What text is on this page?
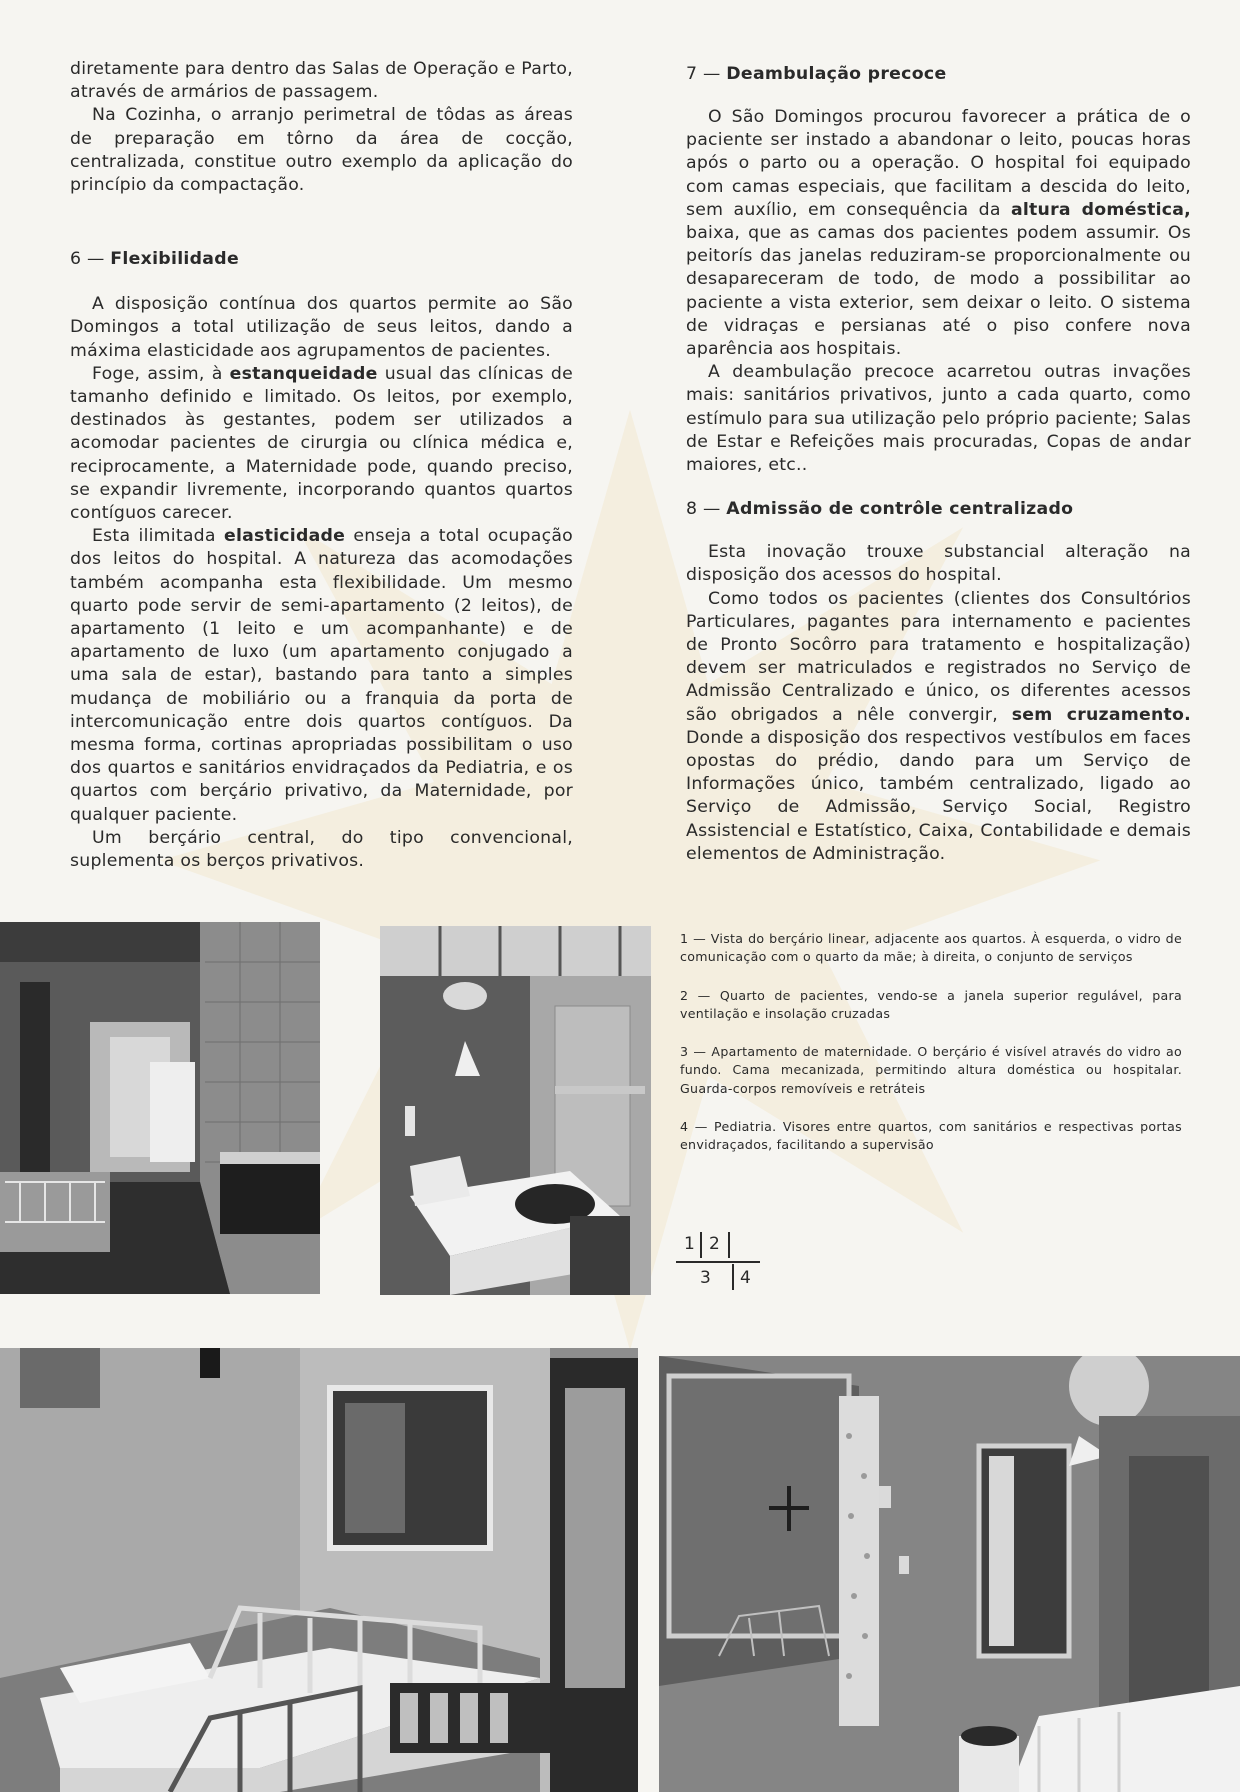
diretamente para dentro das Salas de Operação e Parto, através de armários de passagem.

Na Cozinha, o arranjo perimetral de tôdas as áreas de preparação em tôrno da área de cocção, centralizada, constitue outro exemplo da aplicação do princípio da compactação.

6 — Flexibilidade

A disposição contínua dos quartos permite ao São Domingos a total utilização de seus leitos, dando a máxima elasticidade aos agrupamentos de pacientes.

Foge, assim, à estanqueidade usual das clínicas de tamanho definido e limitado. Os leitos, por exemplo, destinados às gestantes, podem ser utilizados a acomodar pacientes de cirurgia ou clínica médica e, reciprocamente, a Maternidade pode, quando preciso, se expandir livremente, incorporando quantos quartos contíguos carecer.

Esta ilimitada elasticidade enseja a total ocupação dos leitos do hospital. A natureza das acomodações também acompanha esta flexibilidade. Um mesmo quarto pode servir de semi-apartamento (2 leitos), de apartamento (1 leito e um acompanhante) e de apartamento de luxo (um apartamento conjugado a uma sala de estar), bastando para tanto a simples mudança de mobiliário ou a franquia da porta de intercomunicação entre dois quartos contíguos. Da mesma forma, cortinas apropriadas possibilitam o uso dos quartos e sanitários envidraçados da Pediatria, e os quartos com berçário privativo, da Maternidade, por qualquer paciente.

Um berçário central, do tipo convencional, suplementa os berços privativos.

7 — Deambulação precoce

O São Domingos procurou favorecer a prática de o paciente ser instado a abandonar o leito, poucas horas após o parto ou a operação. O hospital foi equipado com camas especiais, que facilitam a descida do leito, sem auxílio, em consequência da altura doméstica, baixa, que as camas dos pacientes podem assumir. Os peitorís das janelas reduziram-se proporcionalmente ou desapareceram de todo, de modo a possibilitar ao paciente a vista exterior, sem deixar o leito. O sistema de vidraças e persianas até o piso confere nova aparência aos hospitais.

A deambulação precoce acarretou outras invações mais: sanitários privativos, junto a cada quarto, como estímulo para sua utilização pelo próprio paciente; Salas de Estar e Refeições mais procuradas, Copas de andar maiores, etc..

8 — Admissão de contrôle centralizado

Esta inovação trouxe substancial alteração na disposição dos acessos do hospital.

Como todos os pacientes (clientes dos Consultórios Particulares, pagantes para internamento e pacientes de Pronto Socôrro para tratamento e hospitalização) devem ser matriculados e registrados no Serviço de Admissão Centralizado e único, os diferentes acessos são obrigados a nêle convergir, sem cruzamento. Donde a disposição dos respectivos vestíbulos em faces opostas do prédio, dando para um Serviço de Informações único, também centralizado, ligado ao Serviço de Admissão, Serviço Social, Registro Assistencial e Estatístico, Caixa, Contabilidade e demais elementos de Administração.

1 — Vista do berçário linear, adjacente aos quartos. À esquerda, o vidro de comunicação com o quarto da mãe; à direita, o conjunto de serviços

2 — Quarto de pacientes, vendo-se a janela superior regulável, para ventilação e insolação cruzadas

3 — Apartamento de maternidade. O berçário é visível através do vidro ao fundo. Cama mecanizada, permitindo altura doméstica ou hospitalar. Guarda-corpos removíveis e retráteis

4 — Pediatria. Visores entre quartos, com sanitários e respectivas portas envidraçados, facilitando a supervisão

1 2
3 4
